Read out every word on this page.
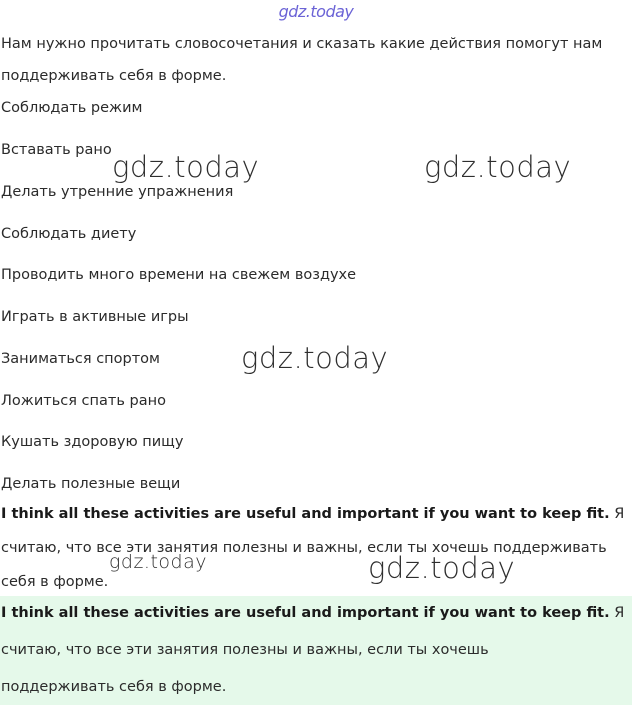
gdz.today
Нам нужно прочитать словосочетания и сказать какие действия помогут нам
поддерживать себя в форме.
Соблюдать режим
Вставать рано
Делать утренние упражнения
Соблюдать диету
Проводить много времени на свежем воздухе
Играть в активные игры
Заниматься спортом
Ложиться спать рано
Кушать здоровую пищу
Делать полезные вещи
I think all these activities are useful and important if you want to keep fit. Я
считаю, что все эти занятия полезны и важны, если ты хочешь поддерживать
себя в форме.
I think all these activities are useful and important if you want to keep fit. Я
считаю, что все эти занятия полезны и важны, если ты хочешь
поддерживать себя в форме.
gdz.today	gdz.today
gdz.today
gdz.today	gdz.today
